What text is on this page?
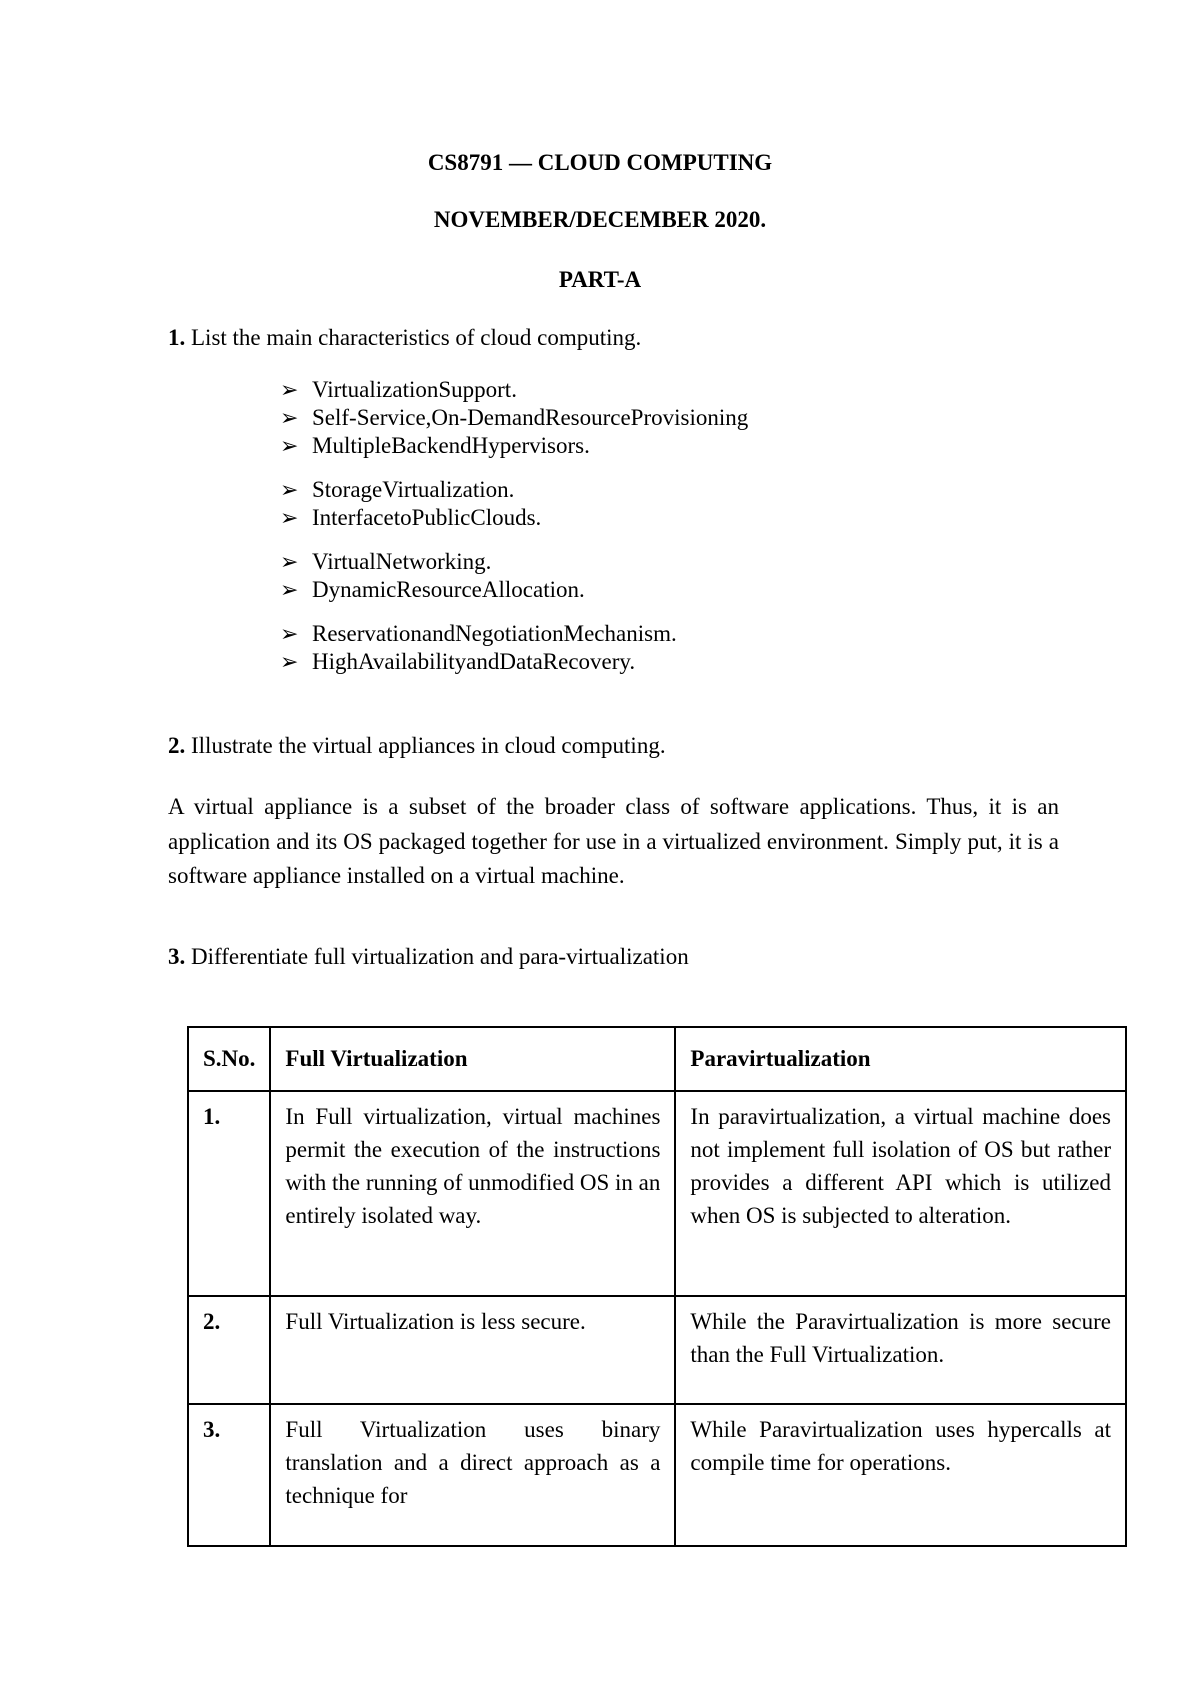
CS8791 — CLOUD COMPUTING
NOVEMBER/DECEMBER 2020.
PART-A
1. List the main characteristics of cloud computing.
➢ VirtualizationSupport.
➢ Self-Service,On-DemandResourceProvisioning
➢ MultipleBackendHypervisors.
➢ StorageVirtualization.
➢ InterfacetoPublicClouds.
➢ VirtualNetworking.
➢ DynamicResourceAllocation.
➢ ReservationandNegotiationMechanism.
➢ HighAvailabilityandDataRecovery.
2. Illustrate the virtual appliances in cloud computing.
A virtual appliance is a subset of the broader class of software applications. Thus, it is an application and its OS packaged together for use in a virtualized environment. Simply put, it is a software appliance installed on a virtual machine.
3. Differentiate full virtualization and para-virtualization
S.No.	Full Virtualization	Paravirtualization
1.	In Full virtualization, virtual machines permit the execution of the instructions with the running of unmodified OS in an entirely isolated way.	In paravirtualization, a virtual machine does not implement full isolation of OS but rather provides a different API which is utilized when OS is subjected to alteration.
2.	Full Virtualization is less secure.	While the Paravirtualization is more secure than the Full Virtualization.
3.	Full Virtualization uses binary translation and a direct approach as a technique for	While Paravirtualization uses hypercalls at compile time for operations.
